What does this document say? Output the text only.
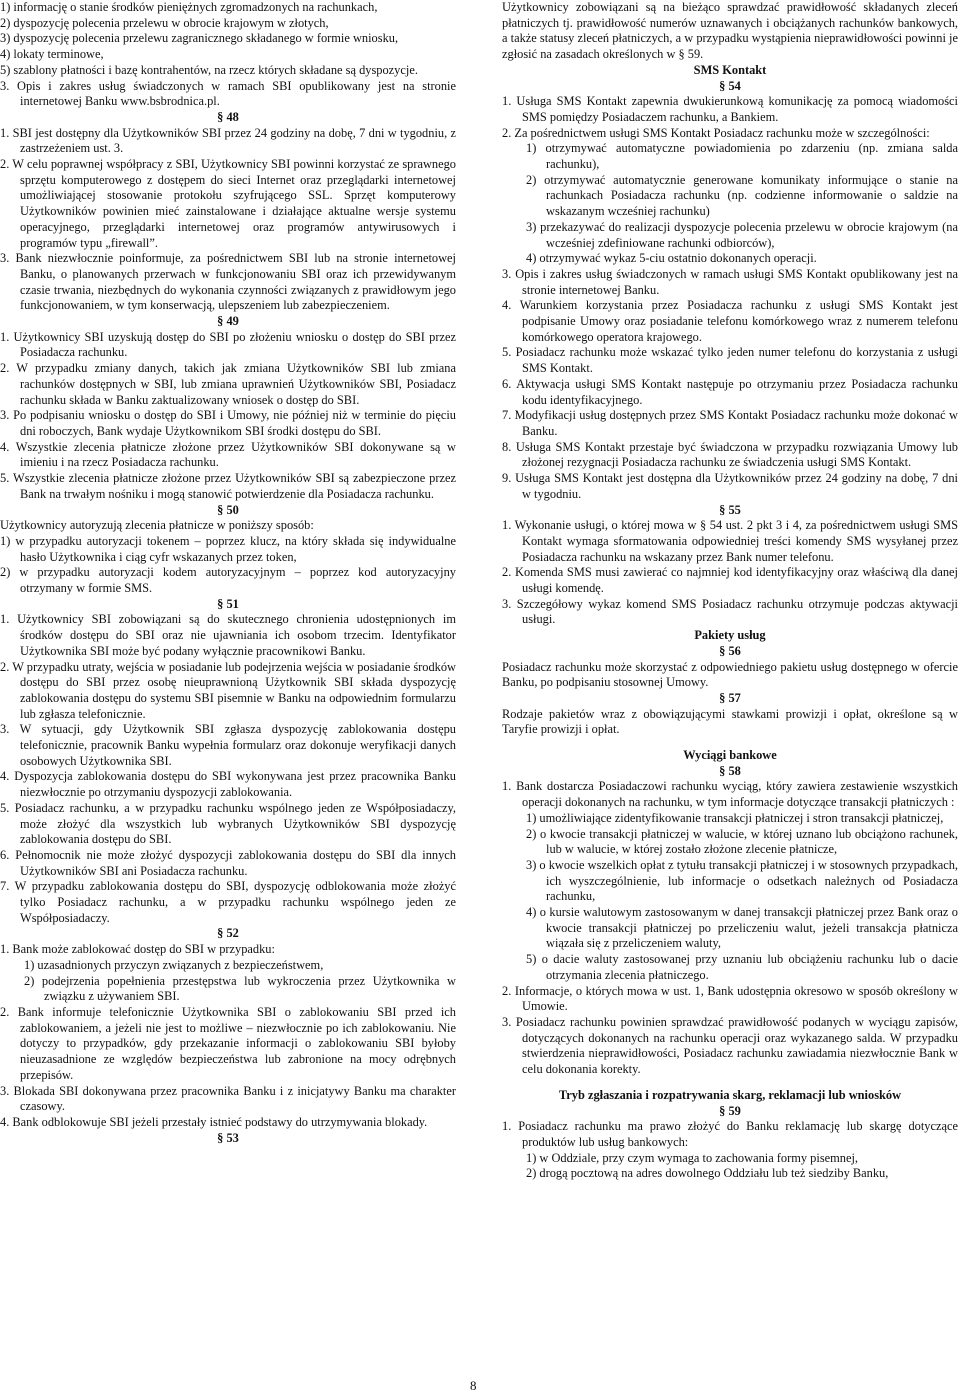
1) informację o stanie środków pieniężnych zgromadzonych na rachunkach,
2) dyspozycję polecenia przelewu w obrocie krajowym w złotych,
3) dyspozycję polecenia przelewu zagranicznego składanego w formie wniosku,
4) lokaty terminowe,
5) szablony płatności i bazę kontrahentów, na rzecz których składane są dyspozycje.
3. Opis i zakres usług świadczonych w ramach SBI opublikowany jest na stronie internetowej Banku www.bsbrodnica.pl.
§ 48
1. SBI jest dostępny dla Użytkowników SBI przez 24 godziny na dobę, 7 dni w tygodniu, z zastrzeżeniem ust. 3.
2. W celu poprawnej współpracy z SBI, Użytkownicy SBI powinni korzystać ze sprawnego sprzętu komputerowego z dostępem do sieci Internet oraz przeglądarki internetowej umożliwiającej stosowanie protokołu szyfrującego SSL. Sprzęt komputerowy Użytkowników powinien mieć zainstalowane i działające aktualne wersje systemu operacyjnego, przeglądarki internetowej oraz programów antywirusowych i programów typu „firewall”.
3. Bank niezwłocznie poinformuje, za pośrednictwem SBI lub na stronie internetowej Banku, o planowanych przerwach w funkcjonowaniu SBI oraz ich przewidywanym czasie trwania, niezbędnych do wykonania czynności związanych z prawidłowym jego funkcjonowaniem, w tym konserwacją, ulepszeniem lub zabezpieczeniem.
§ 49
1. Użytkownicy SBI uzyskują dostęp do SBI po złożeniu wniosku o dostęp do SBI przez Posiadacza rachunku.
2. W przypadku zmiany danych, takich jak zmiana Użytkowników SBI lub zmiana rachunków dostępnych w SBI, lub zmiana uprawnień Użytkowników SBI, Posiadacz rachunku składa w Banku zaktualizowany wniosek o dostęp do SBI.
3. Po podpisaniu wniosku o dostęp do SBI i Umowy, nie później niż w terminie do pięciu dni roboczych, Bank wydaje Użytkownikom SBI środki dostępu do SBI.
4. Wszystkie zlecenia płatnicze złożone przez Użytkowników SBI dokonywane są w imieniu i na rzecz Posiadacza rachunku.
5. Wszystkie zlecenia płatnicze złożone przez Użytkowników SBI są zabezpieczone przez Bank na trwałym nośniku i mogą stanowić potwierdzenie dla Posiadacza rachunku.
§ 50
Użytkownicy autoryzują zlecenia płatnicze w poniższy sposób:
1) w przypadku autoryzacji tokenem – poprzez klucz, na który składa się indywidualne hasło Użytkownika i ciąg cyfr wskazanych przez token,
2) w przypadku autoryzacji kodem autoryzacyjnym – poprzez kod autoryzacyjny otrzymany w formie SMS.
§ 51
1. Użytkownicy SBI zobowiązani są do skutecznego chronienia udostępnionych im środków dostępu do SBI oraz nie ujawniania ich osobom trzecim. Identyfikator Użytkownika SBI może być podany wyłącznie pracownikowi Banku.
2. W przypadku utraty, wejścia w posiadanie lub podejrzenia wejścia w posiadanie środków dostępu do SBI przez osobę nieuprawnioną Użytkownik SBI składa dyspozycję zablokowania dostępu do systemu SBI pisemnie w Banku na odpowiednim formularzu lub zgłasza telefonicznie.
3. W sytuacji, gdy Użytkownik SBI zgłasza dyspozycję zablokowania dostępu telefonicznie, pracownik Banku wypełnia formularz oraz dokonuje weryfikacji danych osobowych Użytkownika SBI.
4. Dyspozycja zablokowania dostępu do SBI wykonywana jest przez pracownika Banku niezwłocznie po otrzymaniu dyspozycji zablokowania.
5. Posiadacz rachunku, a w przypadku rachunku wspólnego jeden ze Współposiadaczy, może złożyć dla wszystkich lub wybranych Użytkowników SBI dyspozycję zablokowania dostępu do SBI.
6. Pełnomocnik nie może złożyć dyspozycji zablokowania dostępu do SBI dla innych Użytkowników SBI ani Posiadacza rachunku.
7. W przypadku zablokowania dostępu do SBI, dyspozycję odblokowania może złożyć tylko Posiadacz rachunku, a w przypadku rachunku wspólnego jeden ze Współposiadaczy.
§ 52
1. Bank może zablokować dostęp do SBI w przypadku:
1) uzasadnionych przyczyn związanych z bezpieczeństwem,
2) podejrzenia popełnienia przestępstwa lub wykroczenia przez Użytkownika w związku z używaniem SBI.
2. Bank informuje telefonicznie Użytkownika SBI o zablokowaniu SBI przed ich zablokowaniem, a jeżeli nie jest to możliwe – niezwłocznie po ich zablokowaniu. Nie dotyczy to przypadków, gdy przekazanie informacji o zablokowaniu SBI byłoby nieuzasadnione ze względów bezpieczeństwa lub zabronione na mocy odrębnych przepisów.
3. Blokada SBI dokonywana przez pracownika Banku i z inicjatywy Banku ma charakter czasowy.
4. Bank odblokowuje SBI jeżeli przestały istnieć podstawy do utrzymywania blokady.
§ 53
Użytkownicy zobowiązani są na bieżąco sprawdzać prawidłowość składanych zleceń płatniczych tj. prawidłowość numerów uznawanych i obciążanych rachunków bankowych, a także statusy zleceń płatniczych, a w przypadku wystąpienia nieprawidłowości powinni je zgłosić na zasadach określonych w § 59.
SMS Kontakt
§ 54
1. Usługa SMS Kontakt zapewnia dwukierunkową komunikację za pomocą wiadomości SMS pomiędzy Posiadaczem rachunku, a Bankiem.
2. Za pośrednictwem usługi SMS Kontakt Posiadacz rachunku może w szczególności:
1) otrzymywać automatyczne powiadomienia po zdarzeniu (np. zmiana salda rachunku),
2) otrzymywać automatycznie generowane komunikaty informujące o stanie na rachunkach Posiadacza rachunku (np. codzienne informowanie o saldzie na wskazanym wcześniej rachunku)
3) przekazywać do realizacji dyspozycje polecenia przelewu w obrocie krajowym (na wcześniej zdefiniowane rachunki odbiorców),
4) otrzymywać wykaz 5-ciu ostatnio dokonanych operacji.
3. Opis i zakres usług świadczonych w ramach usługi SMS Kontakt opublikowany jest na stronie internetowej Banku.
4. Warunkiem korzystania przez Posiadacza rachunku z usługi SMS Kontakt jest podpisanie Umowy oraz posiadanie telefonu komórkowego wraz z numerem telefonu komórkowego operatora krajowego.
5. Posiadacz rachunku może wskazać tylko jeden numer telefonu do korzystania z usługi SMS Kontakt.
6. Aktywacja usługi SMS Kontakt następuje po otrzymaniu przez Posiadacza rachunku kodu identyfikacyjnego.
7. Modyfikacji usług dostępnych przez SMS Kontakt Posiadacz rachunku może dokonać w Banku.
8. Usługa SMS Kontakt przestaje być świadczona w przypadku rozwiązania Umowy lub złożonej rezygnacji Posiadacza rachunku ze świadczenia usługi SMS Kontakt.
9. Usługa SMS Kontakt jest dostępna dla Użytkowników przez 24 godziny na dobę, 7 dni w tygodniu.
§ 55
1. Wykonanie usługi, o której mowa w § 54 ust. 2 pkt 3 i 4, za pośrednictwem usługi SMS Kontakt wymaga sformatowania odpowiedniej treści komendy SMS wysyłanej przez Posiadacza rachunku na wskazany przez Bank numer telefonu.
2. Komenda SMS musi zawierać co najmniej kod identyfikacyjny oraz właściwą dla danej usługi komendę.
3. Szczegółowy wykaz komend SMS Posiadacz rachunku otrzymuje podczas aktywacji usługi.
Pakiety usług
§ 56
Posiadacz rachunku może skorzystać z odpowiedniego pakietu usług dostępnego w ofercie Banku, po podpisaniu stosownej Umowy.
§ 57
Rodzaje pakietów wraz z obowiązującymi stawkami prowizji i opłat, określone są w Taryfie prowizji i opłat.
Wyciągi bankowe
§ 58
1. Bank dostarcza Posiadaczowi rachunku wyciąg, który zawiera zestawienie wszystkich operacji dokonanych na rachunku, w tym informacje dotyczące transakcji płatniczych :
1) umożliwiające zidentyfikowanie transakcji płatniczej i stron transakcji płatniczej,
2) o kwocie transakcji płatniczej w walucie, w której uznano lub obciążono rachunek, lub w walucie, w której zostało złożone zlecenie płatnicze,
3) o kwocie wszelkich opłat z tytułu transakcji płatniczej i w stosownych przypadkach, ich wyszczególnienie, lub informacje o odsetkach należnych od Posiadacza rachunku,
4) o kursie walutowym zastosowanym w danej transakcji płatniczej przez Bank oraz o kwocie transakcji płatniczej po przeliczeniu walut, jeżeli transakcja płatnicza wiązała się z przeliczeniem waluty,
5) o dacie waluty zastosowanej przy uznaniu lub obciążeniu rachunku lub o dacie otrzymania zlecenia płatniczego.
2. Informacje, o których mowa w ust. 1, Bank udostępnia okresowo w sposób określony w Umowie.
3. Posiadacz rachunku powinien sprawdzać prawidłowość podanych w wyciągu zapisów, dotyczących dokonanych na rachunku operacji oraz wykazanego salda. W przypadku stwierdzenia nieprawidłowości, Posiadacz rachunku zawiadamia niezwłocznie Bank w celu dokonania korekty.
Tryb zgłaszania i rozpatrywania skarg, reklamacji lub wniosków
§ 59
1. Posiadacz rachunku ma prawo złożyć do Banku reklamację lub skargę dotyczące produktów lub usług bankowych:
1) w Oddziale, przy czym wymaga to zachowania formy pisemnej,
2) drogą pocztową na adres dowolnego Oddziału lub też siedziby Banku,
8
